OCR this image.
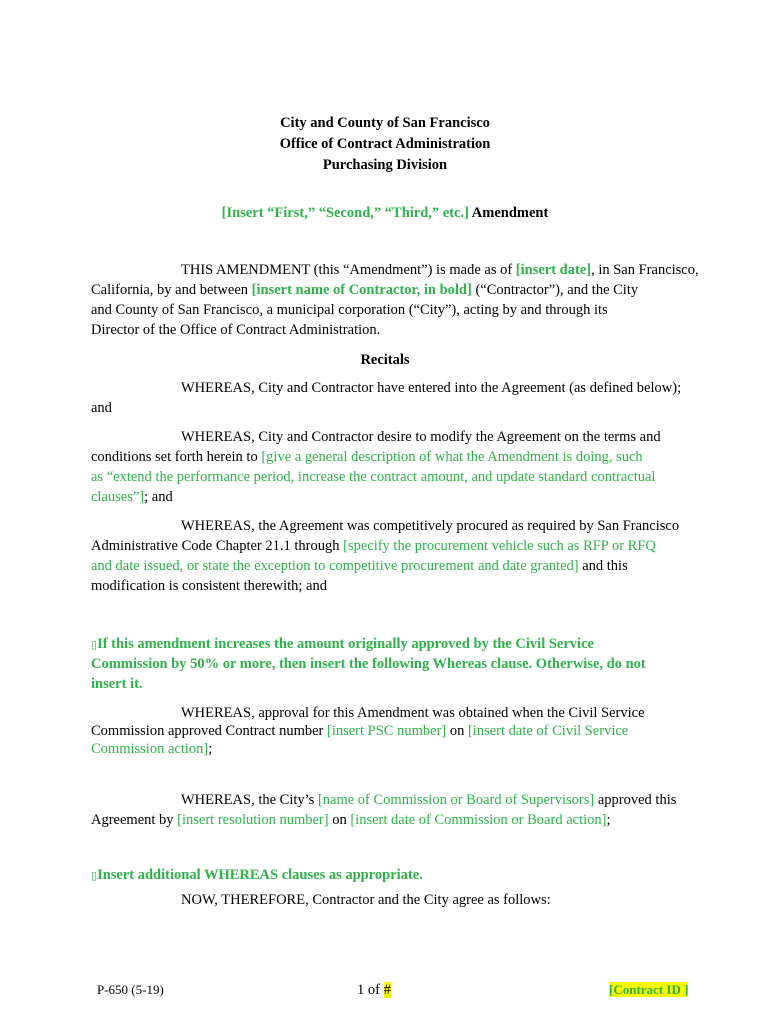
City and County of San Francisco
Office of Contract Administration
Purchasing Division
[Insert “First,” “Second,” “Third,” etc.] Amendment
THIS AMENDMENT (this “Amendment”) is made as of [insert date], in San Francisco,
California, by and between [insert name of Contractor, in bold] (“Contractor”), and the City
and County of San Francisco, a municipal corporation (“City”), acting by and through its
Director of the Office of Contract Administration.
Recitals
WHEREAS, City and Contractor have entered into the Agreement (as defined below);
and
WHEREAS, City and Contractor desire to modify the Agreement on the terms and
conditions set forth herein to [give a general description of what the Amendment is doing, such
as “extend the performance period, increase the contract amount, and update standard contractual
clauses”]; and
WHEREAS, the Agreement was competitively procured as required by San Francisco
Administrative Code Chapter 21.1 through [specify the procurement vehicle such as RFP or RFQ
and date issued, or state the exception to competitive procurement and date granted] and this
modification is consistent therewith; and
▯If this amendment increases the amount originally approved by the Civil Service
Commission by 50% or more, then insert the following Whereas clause. Otherwise, do not
insert it.
WHEREAS, approval for this Amendment was obtained when the Civil Service
Commission approved Contract number [insert PSC number] on [insert date of Civil Service
Commission action];
WHEREAS, the City’s [name of Commission or Board of Supervisors] approved this
Agreement by [insert resolution number] on [insert date of Commission or Board action];
▯Insert additional WHEREAS clauses as appropriate.
NOW, THEREFORE, Contractor and the City agree as follows:
P-650 (5-19)	1 of #	[Contract ID ]
